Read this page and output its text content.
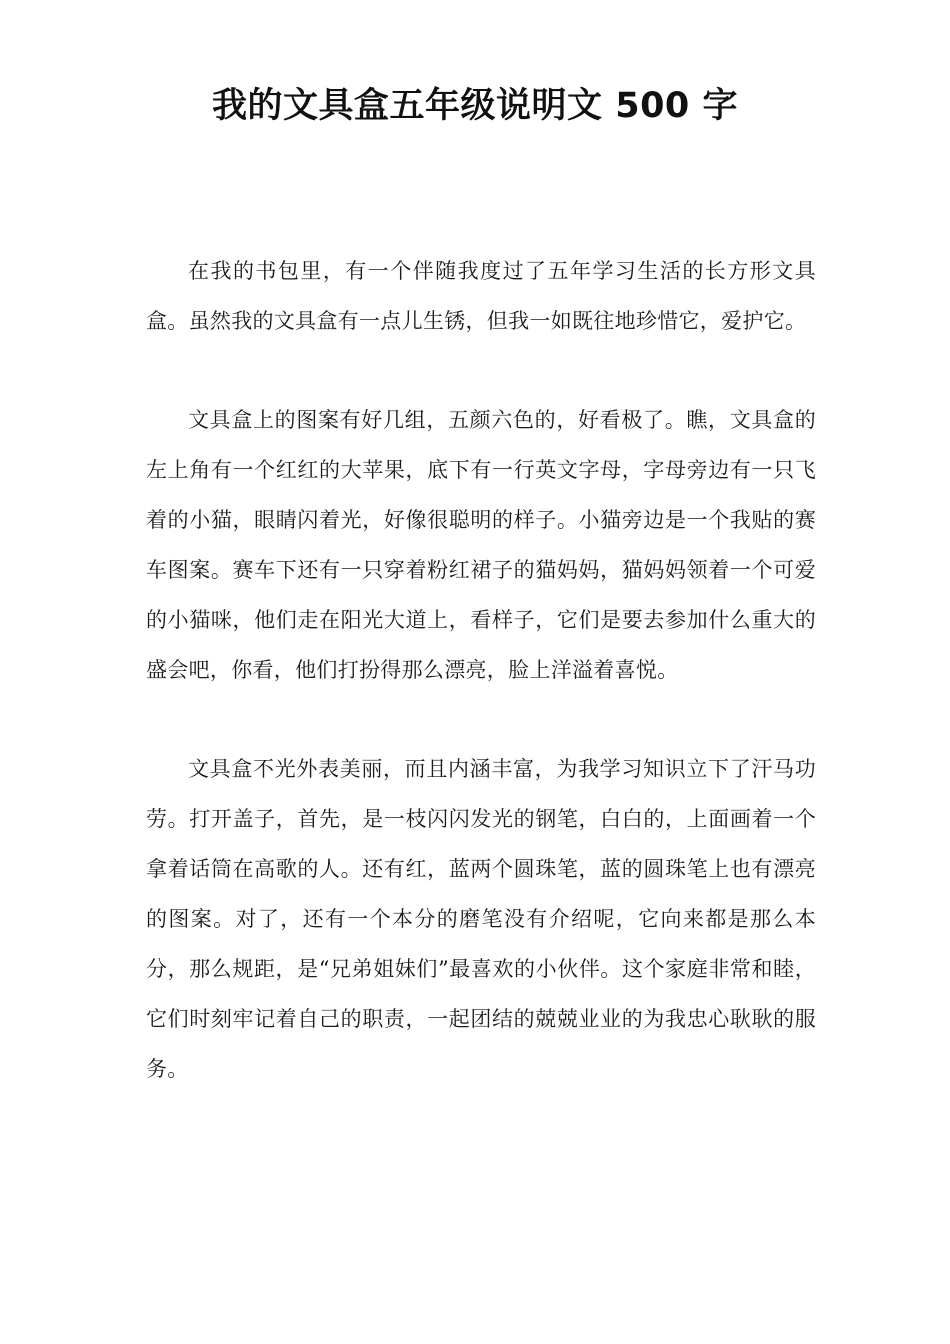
我的文具盒五年级说明文 500 字

在我的书包里，有一个伴随我度过了五年学习生活的长方形文具盒。虽然我的文具盒有一点儿生锈，但我一如既往地珍惜它，爱护它。

文具盒上的图案有好几组，五颜六色的，好看极了。瞧，文具盒的左上角有一个红红的大苹果，底下有一行英文字母，字母旁边有一只飞着的小猫，眼睛闪着光，好像很聪明的样子。小猫旁边是一个我贴的赛车图案。赛车下还有一只穿着粉红裙子的猫妈妈，猫妈妈领着一个可爱的小猫咪，他们走在阳光大道上，看样子，它们是要去参加什么重大的盛会吧，你看，他们打扮得那么漂亮，脸上洋溢着喜悦。

文具盒不光外表美丽，而且内涵丰富，为我学习知识立下了汗马功劳。打开盖子，首先，是一枝闪闪发光的钢笔，白白的，上面画着一个拿着话筒在高歌的人。还有红，蓝两个圆珠笔，蓝的圆珠笔上也有漂亮的图案。对了，还有一个本分的磨笔没有介绍呢，它向来都是那么本分，那么规距，是“兄弟姐妹们”最喜欢的小伙伴。这个家庭非常和睦，它们时刻牢记着自己的职责，一起团结的兢兢业业的为我忠心耿耿的服务。
